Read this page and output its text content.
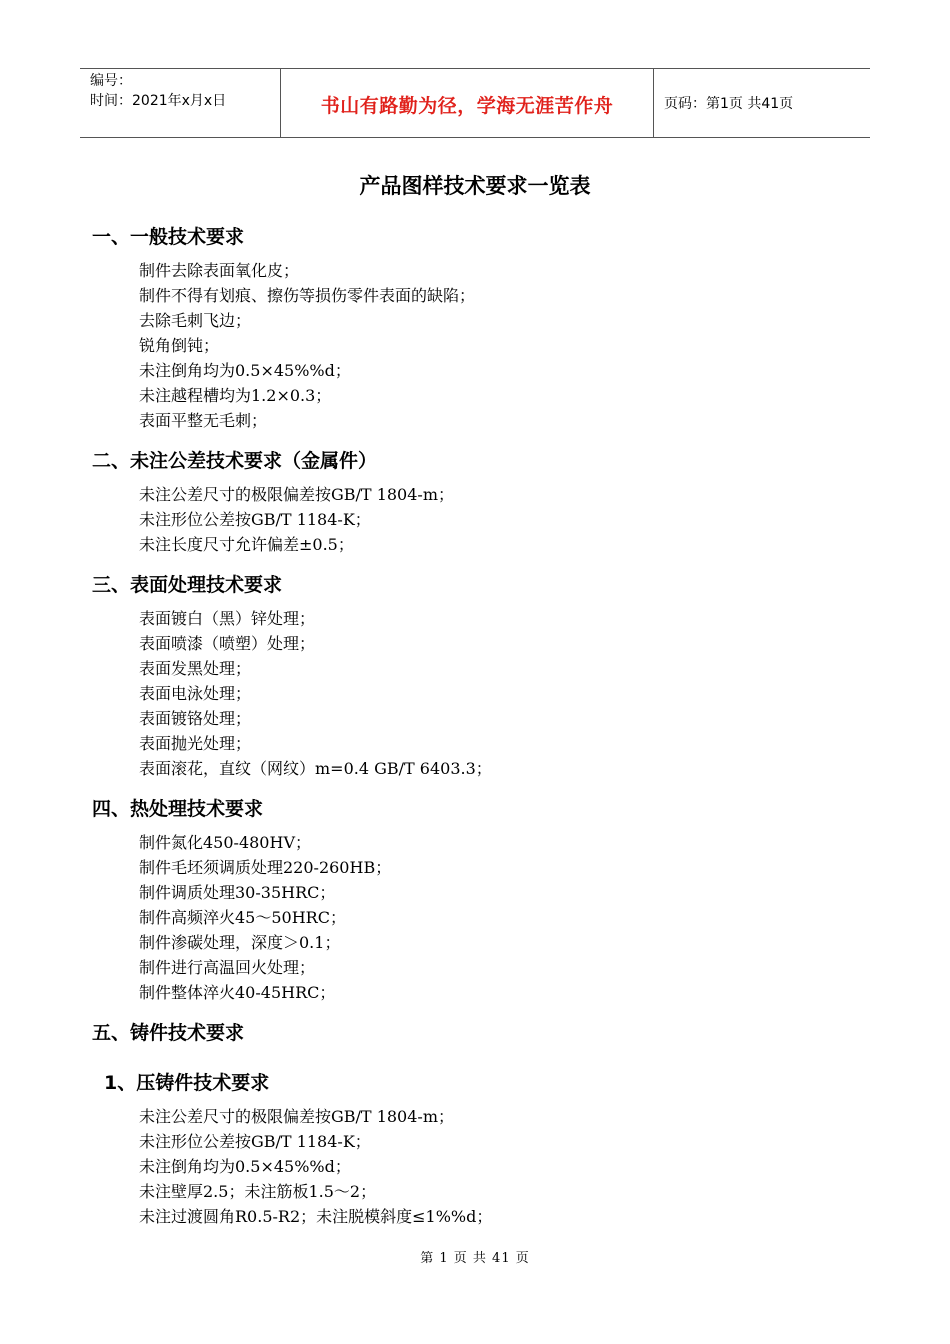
编号：
时间：2021年x月x日	书山有路勤为径，学海无涯苦作舟	页码：第1页 共41页
产品图样技术要求一览表
一、一般技术要求
制件去除表面氧化皮；
制件不得有划痕、擦伤等损伤零件表面的缺陷；
去除毛刺飞边；
锐角倒钝；
未注倒角均为0.5×45%%d；
未注越程槽均为1.2×0.3；
表面平整无毛刺；
二、未注公差技术要求（金属件）
未注公差尺寸的极限偏差按GB/T 1804-m；
未注形位公差按GB/T 1184-K；
未注长度尺寸允许偏差±0.5；
三、表面处理技术要求
表面镀白（黑）锌处理；
表面喷漆（喷塑）处理；
表面发黑处理；
表面电泳处理；
表面镀铬处理；
表面抛光处理；
表面滚花，直纹（网纹）m=0.4 GB/T 6403.3；
四、热处理技术要求
制件氮化450-480HV；
制件毛坯须调质处理220-260HB；
制件调质处理30-35HRC；
制件高频淬火45～50HRC；
制件渗碳处理，深度＞0.1；
制件进行高温回火处理；
制件整体淬火40-45HRC；
五、铸件技术要求
1、压铸件技术要求
未注公差尺寸的极限偏差按GB/T 1804-m；
未注形位公差按GB/T 1184-K；
未注倒角均为0.5×45%%d；
未注壁厚2.5；未注筋板1.5～2；
未注过渡圆角R0.5-R2；未注脱模斜度≤1%%d；
第 1 页 共 41 页
